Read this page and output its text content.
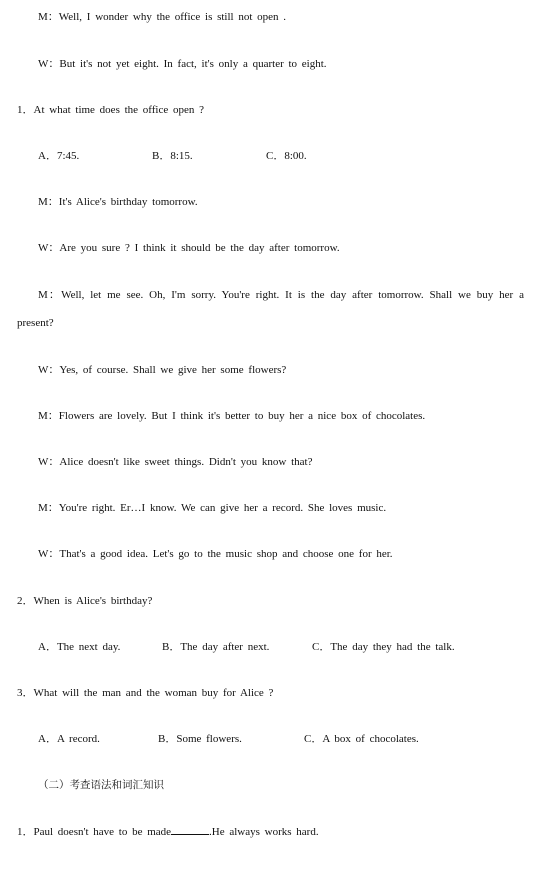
M：Well, I wonder why the office is still not open .
W：But it's not yet eight. In fact, it's only a quarter to eight.
1．At what time does the office open ?
A．7:45.	B．8:15.	C．8:00.
M：It's Alice's birthday tomorrow.
W：Are you sure ? I think it should be the day after tomorrow.
M：Well, let me see. Oh, I'm sorry. You're right. It is the day after tomorrow. Shall we buy her a
present?
W：Yes, of course. Shall we give her some flowers?
M：Flowers are lovely. But I think it's better to buy her a nice box of chocolates.
W：Alice doesn't like sweet things. Didn't you know that?
M：You're right. Er…I know. We can give her a record. She loves music.
W：That's a good idea. Let's go to the music shop and choose one for her.
2．When is Alice's birthday?
A．The next day.	B．The day after next.	C．The day they had the talk.
3．What will the man and the woman buy for Alice ?
A．A record.	B．Some flowers.	C．A box of chocolates.
（二）考查语法和词汇知识
1．Paul doesn't have to be made	.He always works hard.
